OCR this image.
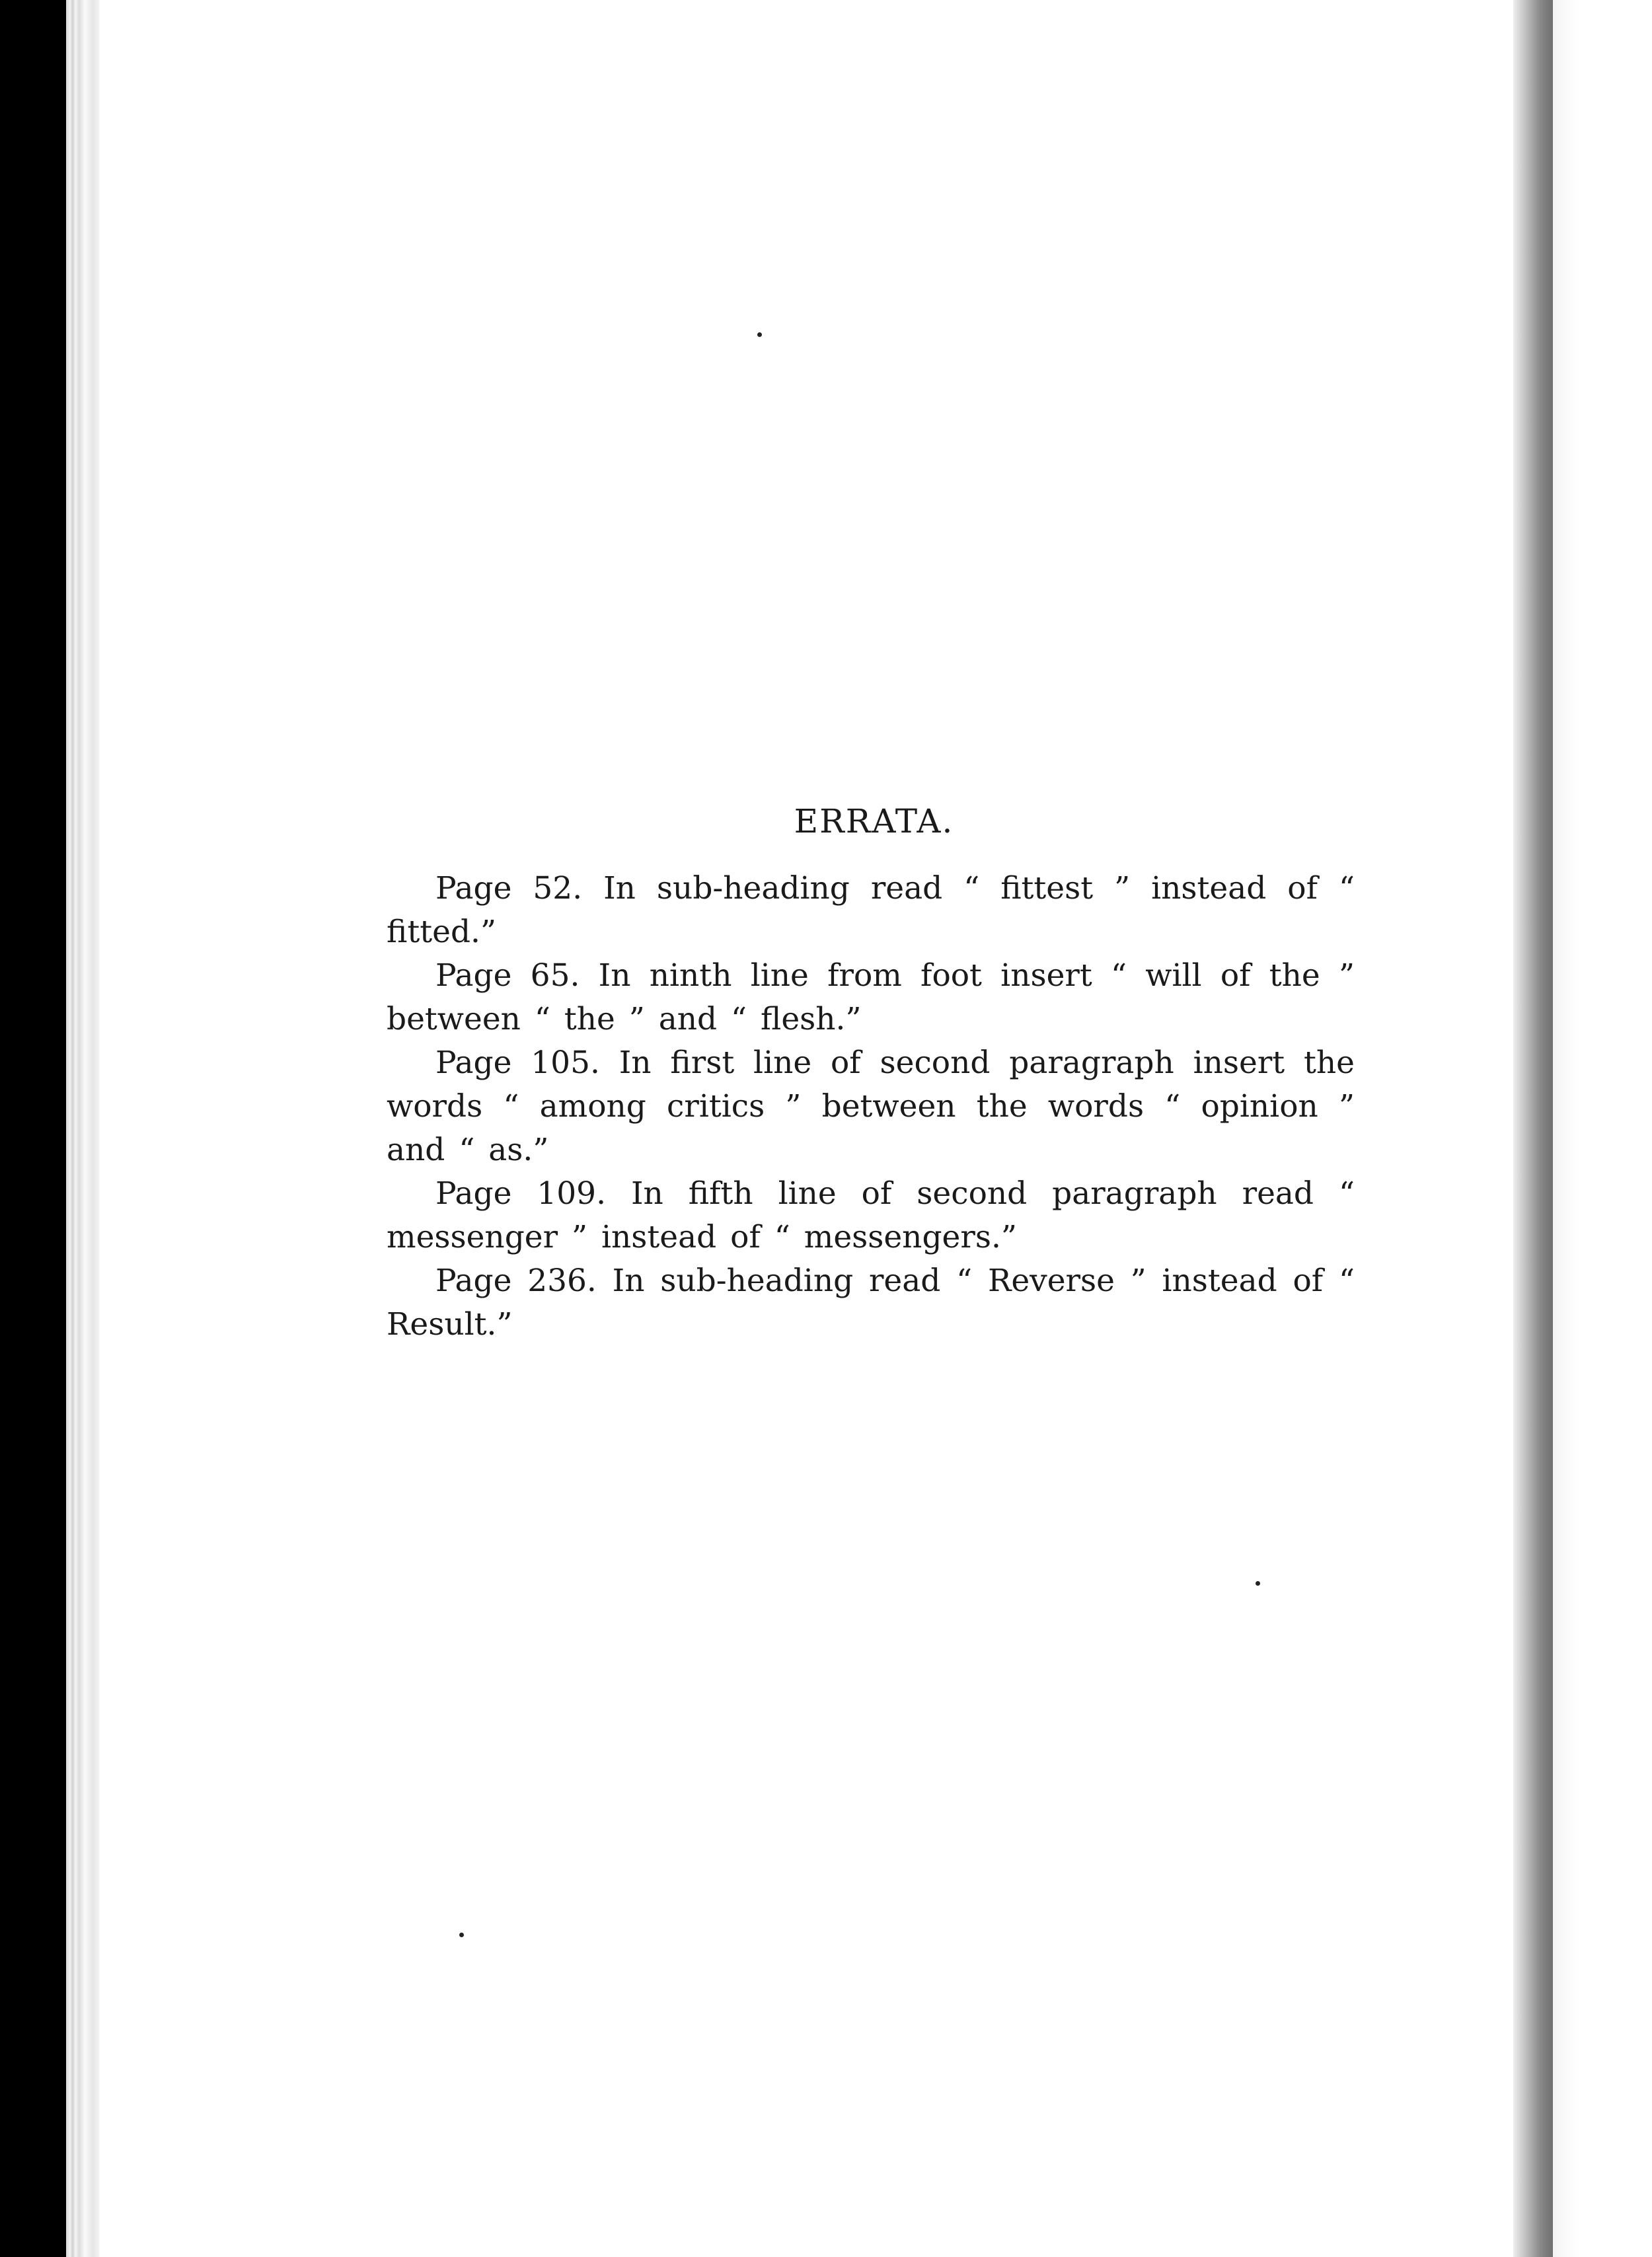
ERRATA.

Page 52. In sub-heading read “ fittest ” instead of “ fitted.”

Page 65. In ninth line from foot insert “ will of the ” between “ the ” and “ flesh.”

Page 105. In first line of second paragraph insert the words “ among critics ” between the words “ opinion ” and “ as.”

Page 109. In fifth line of second paragraph read “ messenger ” instead of “ messengers.”

Page 236. In sub-heading read “ Reverse ” instead of “ Result.”
